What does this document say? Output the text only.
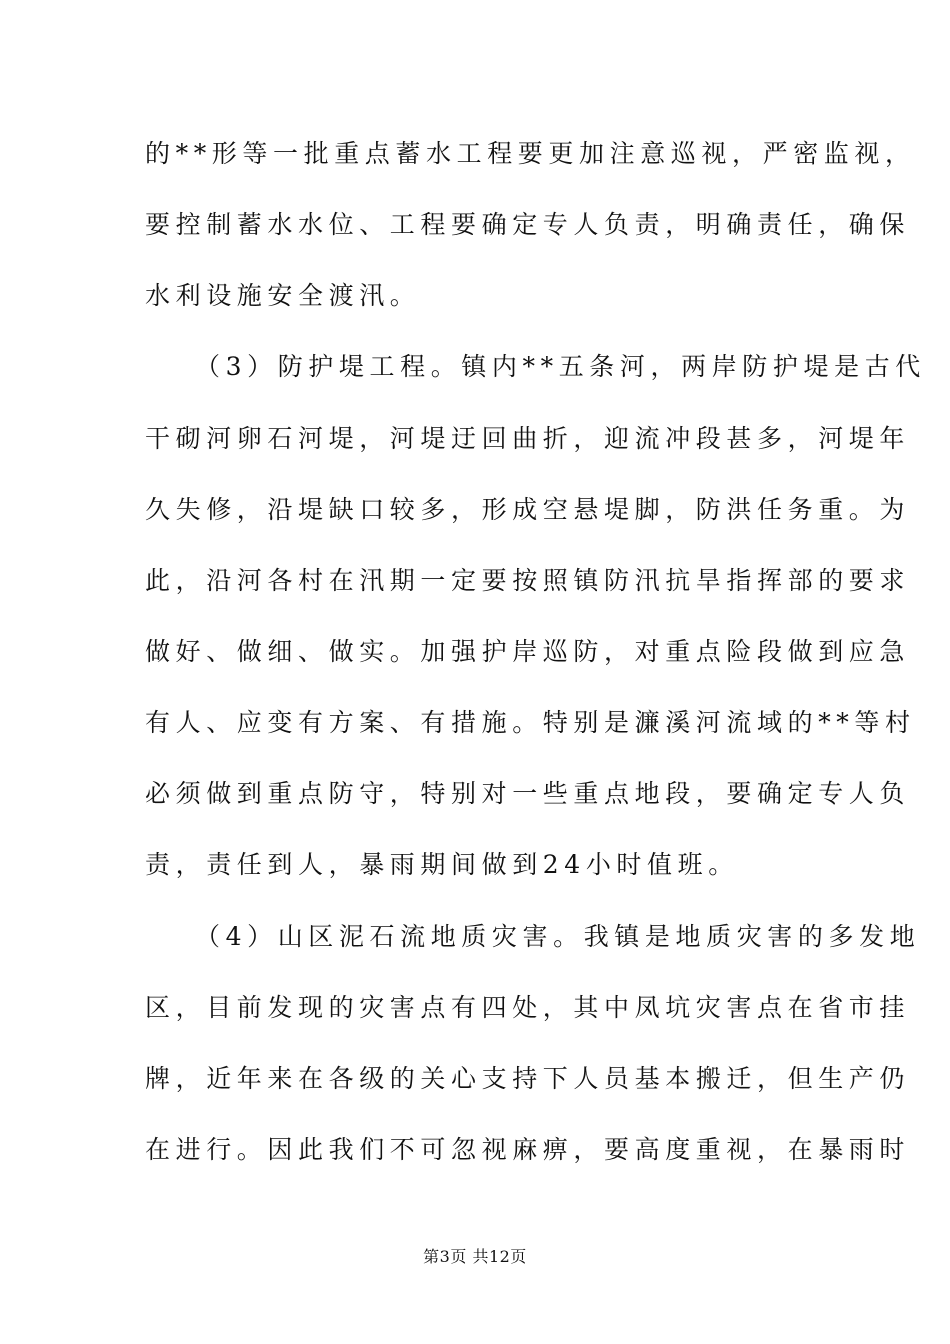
的**形等一批重点蓄水工程要更加注意巡视，严密监视，
要控制蓄水水位、工程要确定专人负责，明确责任，确保
水利设施安全渡汛。
（3）防护堤工程。镇内**五条河，两岸防护堤是古代
干砌河卵石河堤，河堤迂回曲折，迎流冲段甚多，河堤年
久失修，沿堤缺口较多，形成空悬堤脚，防洪任务重。为
此，沿河各村在汛期一定要按照镇防汛抗旱指挥部的要求
做好、做细、做实。加强护岸巡防，对重点险段做到应急
有人、应变有方案、有措施。特别是濂溪河流域的**等村
必须做到重点防守，特别对一些重点地段，要确定专人负
责，责任到人，暴雨期间做到24小时值班。
（4）山区泥石流地质灾害。我镇是地质灾害的多发地
区，目前发现的灾害点有四处，其中凤坑灾害点在省市挂
牌，近年来在各级的关心支持下人员基本搬迁，但生产仍
在进行。因此我们不可忽视麻痹，要高度重视，在暴雨时
第3页 共12页
